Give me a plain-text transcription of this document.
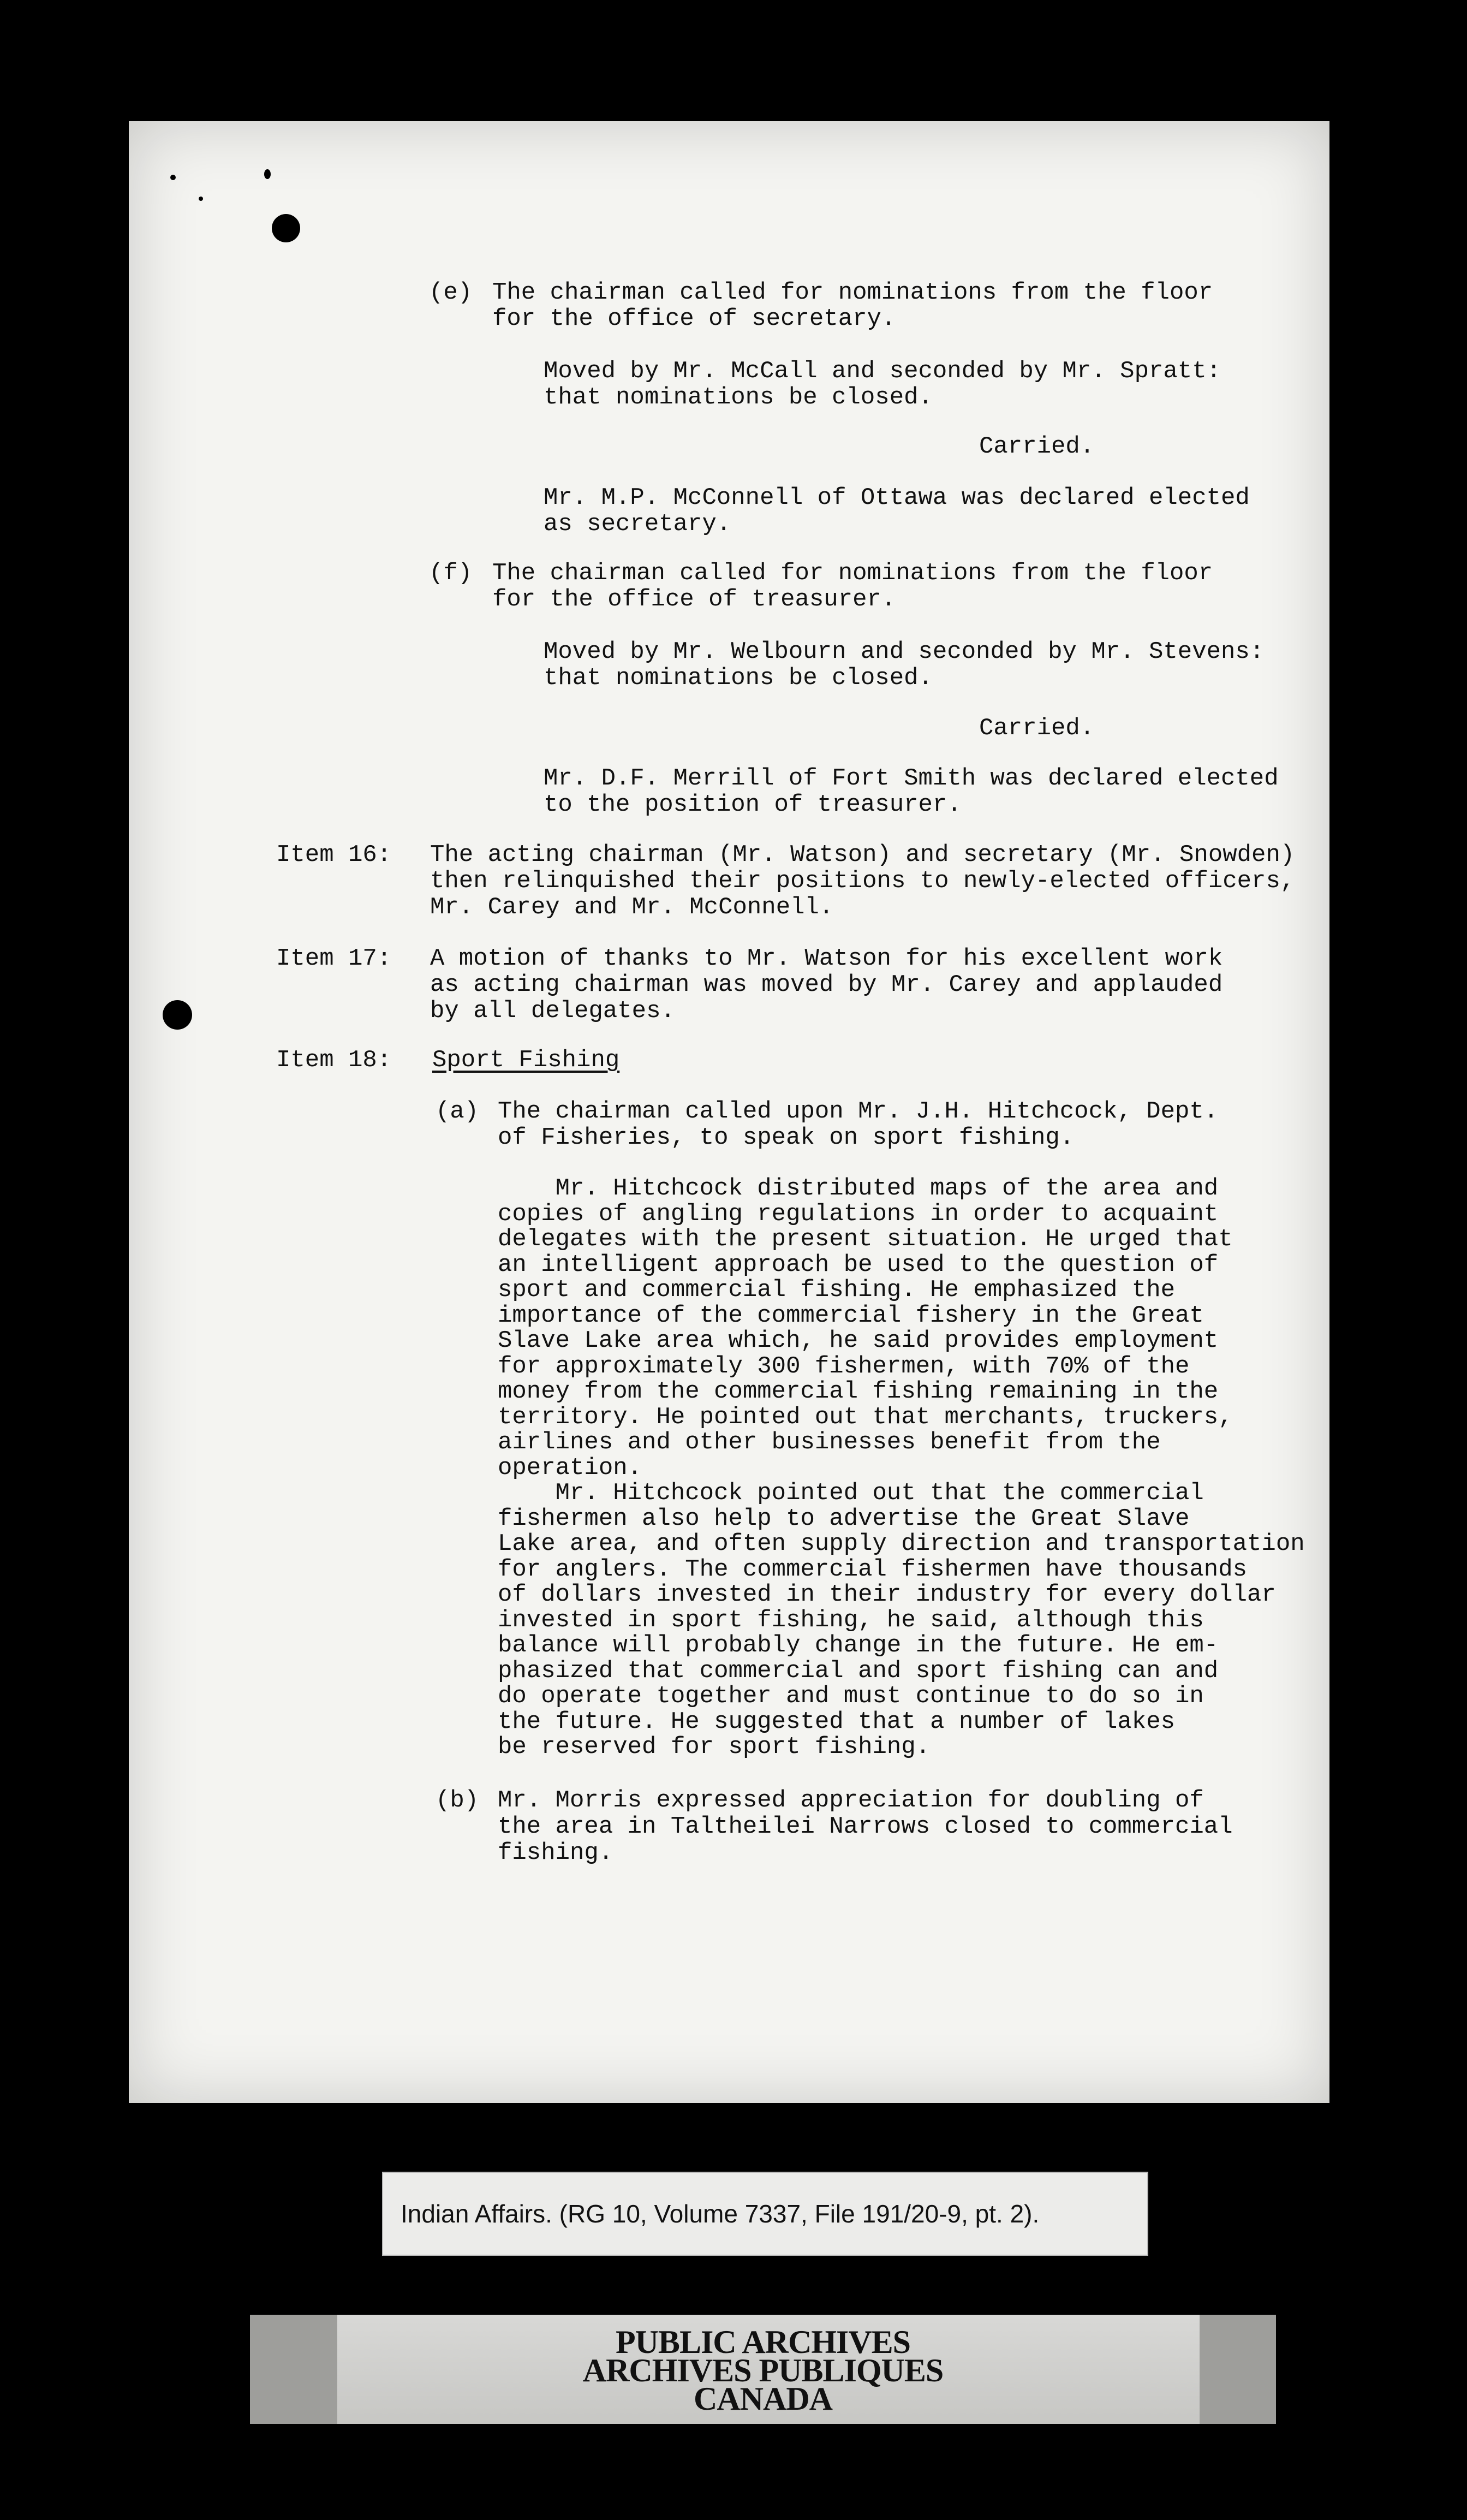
(e) The chairman called for nominations from the floor
for the office of secretary.

Moved by Mr. McCall and seconded by Mr. Spratt:
that nominations be closed.

Carried.

Mr. M.P. McConnell of Ottawa was declared elected
as secretary.

(f) The chairman called for nominations from the floor
for the office of treasurer.

Moved by Mr. Welbourn and seconded by Mr. Stevens:
that nominations be closed.

Carried.

Mr. D.F. Merrill of Fort Smith was declared elected
to the position of treasurer.

Item 16: The acting chairman (Mr. Watson) and secretary (Mr. Snowden)
then relinquished their positions to newly-elected officers,
Mr. Carey and Mr. McConnell.

Item 17: A motion of thanks to Mr. Watson for his excellent work
as acting chairman was moved by Mr. Carey and applauded
by all delegates.

Item 18: Sport Fishing
(a) The chairman called upon Mr. J.H. Hitchcock, Dept.
of Fisheries, to speak on sport fishing.

Mr. Hitchcock distributed maps of the area and
copies of angling regulations in order to acquaint
delegates with the present situation. He urged that
an intelligent approach be used to the question of
sport and commercial fishing. He emphasized the
importance of the commercial fishery in the Great
Slave Lake area which, he said provides employment
for approximately 300 fishermen, with 70% of the
money from the commercial fishing remaining in the
territory. He pointed out that merchants, truckers,
airlines and other businesses benefit from the
operation.
Mr. Hitchcock pointed out that the commercial
fishermen also help to advertise the Great Slave
Lake area, and often supply direction and transportation
for anglers. The commercial fishermen have thousands
of dollars invested in their industry for every dollar
invested in sport fishing, he said, although this
balance will probably change in the future. He em-
phasized that commercial and sport fishing can and
do operate together and must continue to do so in
the future. He suggested that a number of lakes
be reserved for sport fishing.

(b) Mr. Morris expressed appreciation for doubling of
the area in Taltheilei Narrows closed to commercial
fishing.

Indian Affairs. (RG 10, Volume 7337, File 191/20-9, pt. 2).
PUBLIC ARCHIVES
ARCHIVES PUBLIQUES
CANADA
